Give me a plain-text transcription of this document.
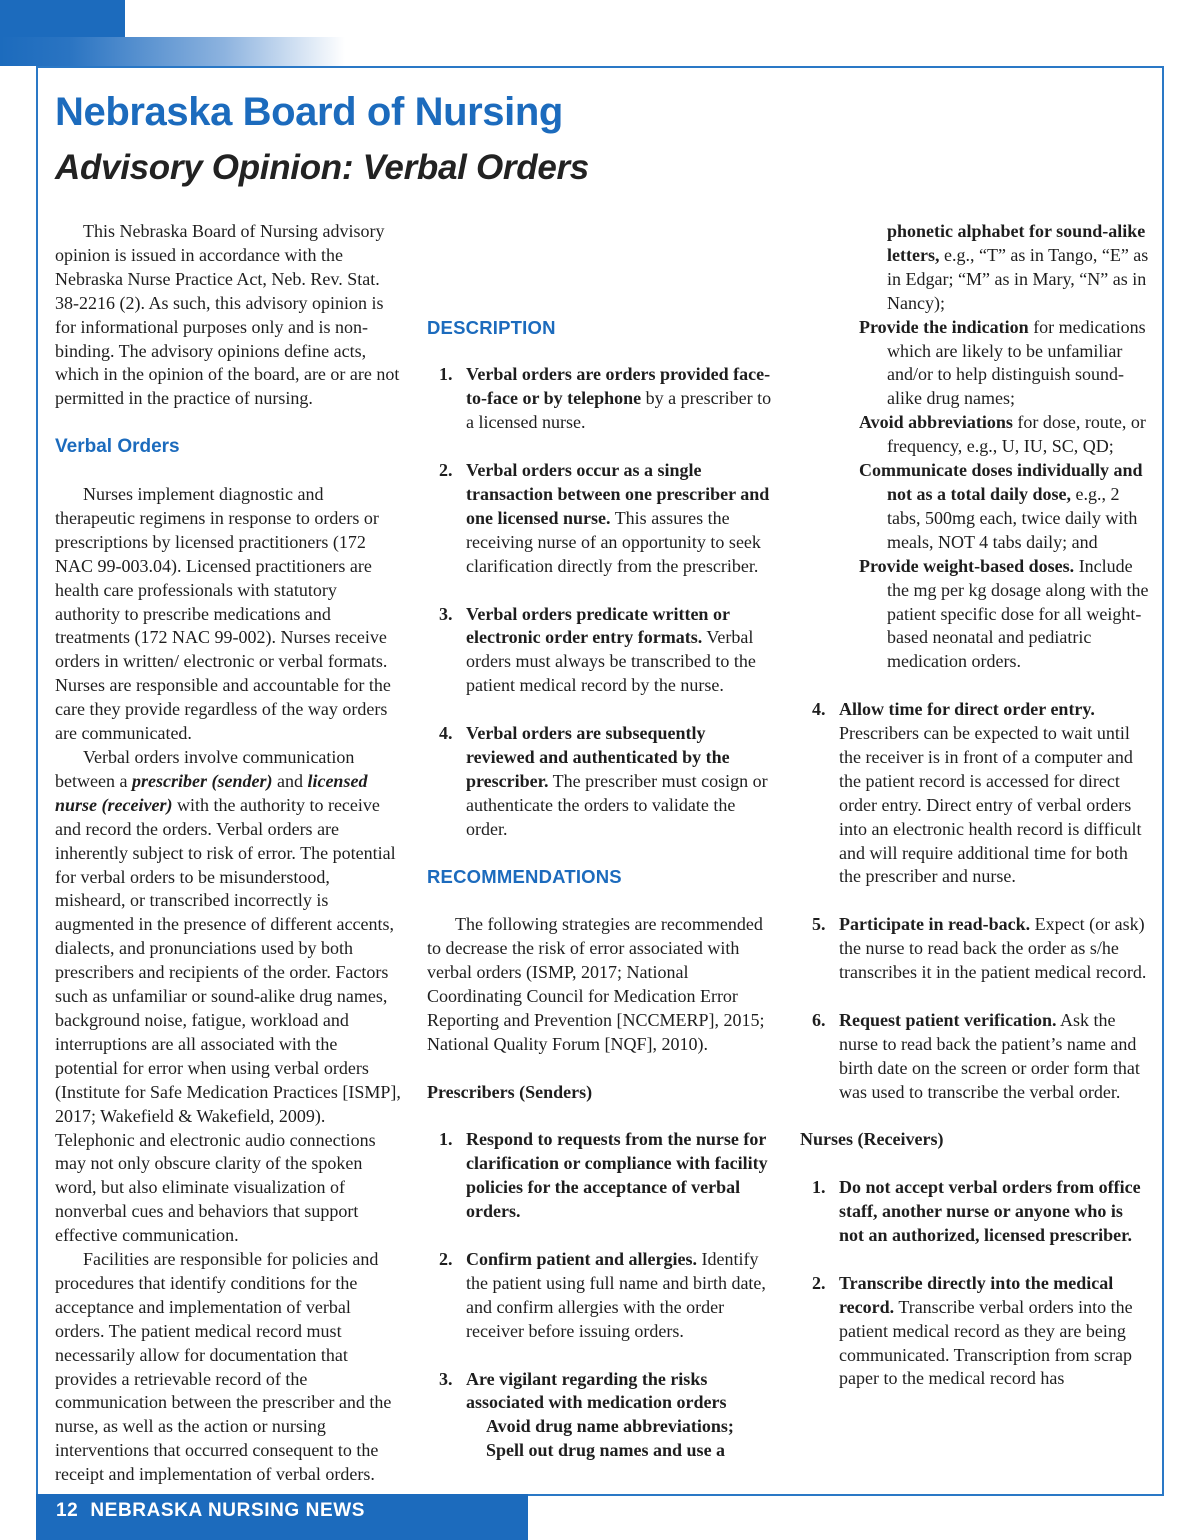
Nebraska Board of Nursing
Advisory Opinion: Verbal Orders

This Nebraska Board of Nursing advisory opinion is issued in accordance with the Nebraska Nurse Practice Act, Neb. Rev. Stat. 38-2216 (2). As such, this advisory opinion is for informational purposes only and is non-binding. The advisory opinions define acts, which in the opinion of the board, are or are not permitted in the practice of nursing.

Verbal Orders

Nurses implement diagnostic and therapeutic regimens in response to orders or prescriptions by licensed practitioners (172 NAC 99-003.04). Licensed practitioners are health care professionals with statutory authority to prescribe medications and treatments (172 NAC 99-002). Nurses receive orders in written/ electronic or verbal formats. Nurses are responsible and accountable for the care they provide regardless of the way orders are communicated.

Verbal orders involve communication between a prescriber (sender) and licensed nurse (receiver) with the authority to receive and record the orders. Verbal orders are inherently subject to risk of error. The potential for verbal orders to be misunderstood, misheard, or transcribed incorrectly is augmented in the presence of different accents, dialects, and pronunciations used by both prescribers and recipients of the order. Factors such as unfamiliar or sound-alike drug names, background noise, fatigue, workload and interruptions are all associated with the potential for error when using verbal orders (Institute for Safe Medication Practices [ISMP], 2017; Wakefield & Wakefield, 2009). Telephonic and electronic audio connections may not only obscure clarity of the spoken word, but also eliminate visualization of nonverbal cues and behaviors that support effective communication.

Facilities are responsible for policies and procedures that identify conditions for the acceptance and implementation of verbal orders. The patient medical record must necessarily allow for documentation that provides a retrievable record of the communication between the prescriber and the nurse, as well as the action or nursing interventions that occurred consequent to the receipt and implementation of verbal orders.

DESCRIPTION

1. Verbal orders are orders provided face-to-face or by telephone by a prescriber to a licensed nurse.

2. Verbal orders occur as a single transaction between one prescriber and one licensed nurse. This assures the receiving nurse of an opportunity to seek clarification directly from the prescriber.

3. Verbal orders predicate written or electronic order entry formats. Verbal orders must always be transcribed to the patient medical record by the nurse.

4. Verbal orders are subsequently reviewed and authenticated by the prescriber. The prescriber must cosign or authenticate the orders to validate the order.

RECOMMENDATIONS

The following strategies are recommended to decrease the risk of error associated with verbal orders (ISMP, 2017; National Coordinating Council for Medication Error Reporting and Prevention [NCCMERP], 2015; National Quality Forum [NQF], 2010).

Prescribers (Senders)

1. Respond to requests from the nurse for clarification or compliance with facility policies for the acceptance of verbal orders.

2. Confirm patient and allergies. Identify the patient using full name and birth date, and confirm allergies with the order receiver before issuing orders.

3. Are vigilant regarding the risks associated with medication orders

Avoid drug name abbreviations;

Spell out drug names and use a

phonetic alphabet for sound-alike letters, e.g., “T” as in Tango, “E” as in Edgar; “M” as in Mary, “N” as in Nancy);

Provide the indication for medications which are likely to be unfamiliar and/or to help distinguish sound-alike drug names;

Avoid abbreviations for dose, route, or frequency, e.g., U, IU, SC, QD;

Communicate doses individually and not as a total daily dose, e.g., 2 tabs, 500mg each, twice daily with meals, NOT 4 tabs daily; and

Provide weight-based doses. Include the mg per kg dosage along with the patient specific dose for all weight-based neonatal and pediatric medication orders.

4. Allow time for direct order entry. Prescribers can be expected to wait until the receiver is in front of a computer and the patient record is accessed for direct order entry. Direct entry of verbal orders into an electronic health record is difficult and will require additional time for both the prescriber and nurse.

5. Participate in read-back. Expect (or ask) the nurse to read back the order as s/he transcribes it in the patient medical record.

6. Request patient verification. Ask the nurse to read back the patient’s name and birth date on the screen or order form that was used to transcribe the verbal order.

Nurses (Receivers)

1. Do not accept verbal orders from office staff, another nurse or anyone who is not an authorized, licensed prescriber.

2. Transcribe directly into the medical record. Transcribe verbal orders into the patient medical record as they are being communicated. Transcription from scrap paper to the medical record has

12 NEBRASKA NURSING NEWS
